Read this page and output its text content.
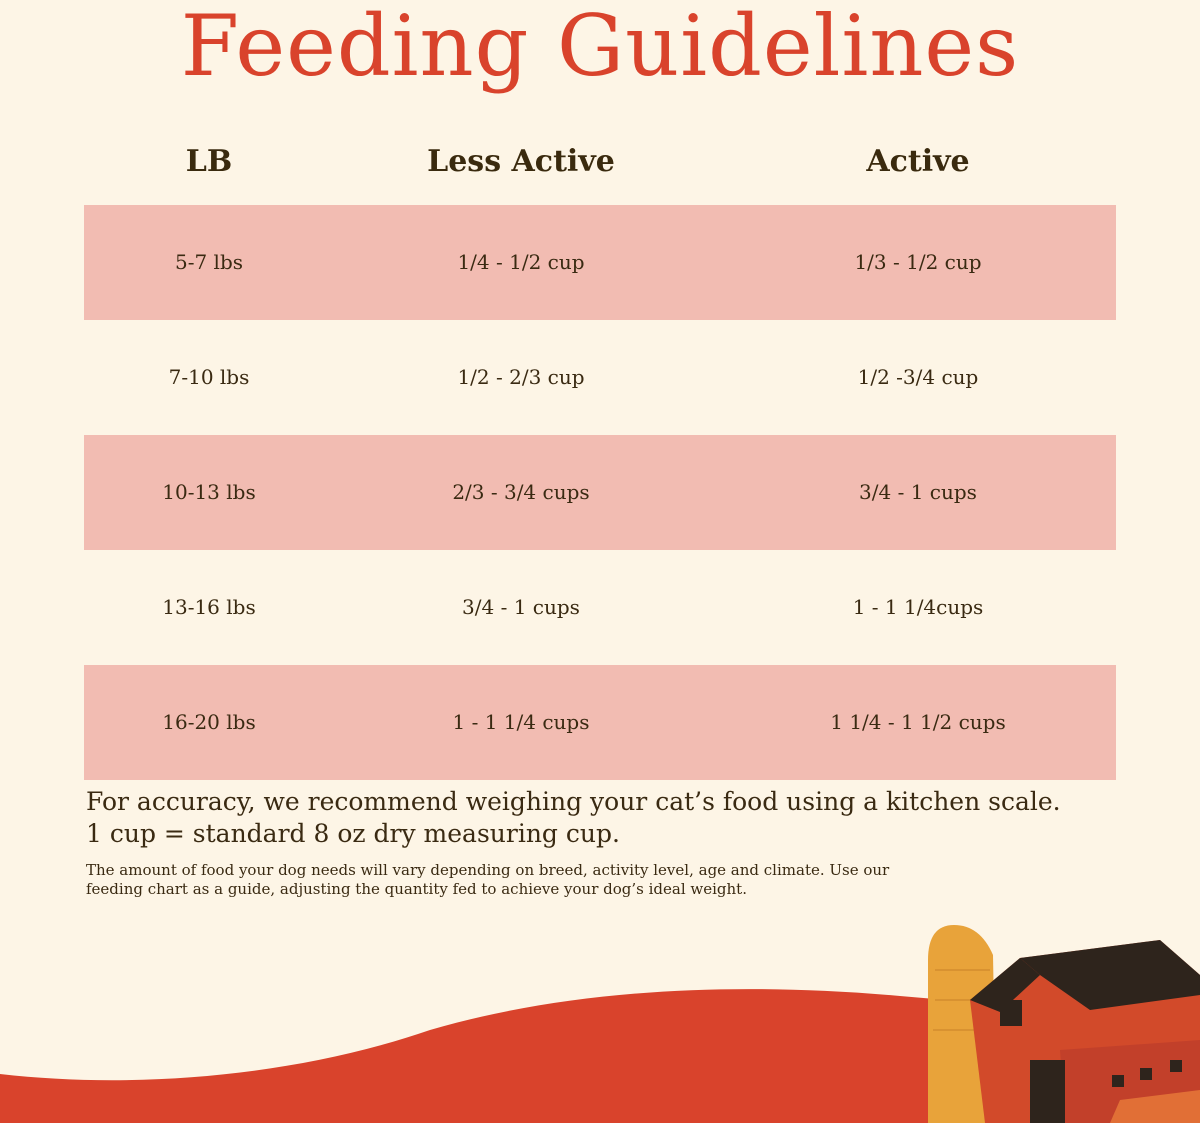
Feeding Guidelines
LB	Less Active	Active
5-7 lbs	1/4 - 1/2 cup	1/3 - 1/2 cup
7-10 lbs	1/2 - 2/3 cup	1/2 -3/4 cup
10-13 lbs	2/3 - 3/4 cups	3/4 - 1 cups
13-16 lbs	3/4 - 1 cups	1 - 1 1/4cups
16-20 lbs	1 - 1 1/4 cups	1 1/4 - 1 1/2 cups
For accuracy, we recommend weighing your cat’s food using a kitchen scale.
1 cup = standard 8 oz dry measuring cup.
The amount of food your dog needs will vary depending on breed, activity level, age and climate. Use our
feeding chart as a guide, adjusting the quantity fed to achieve your dog’s ideal weight.
